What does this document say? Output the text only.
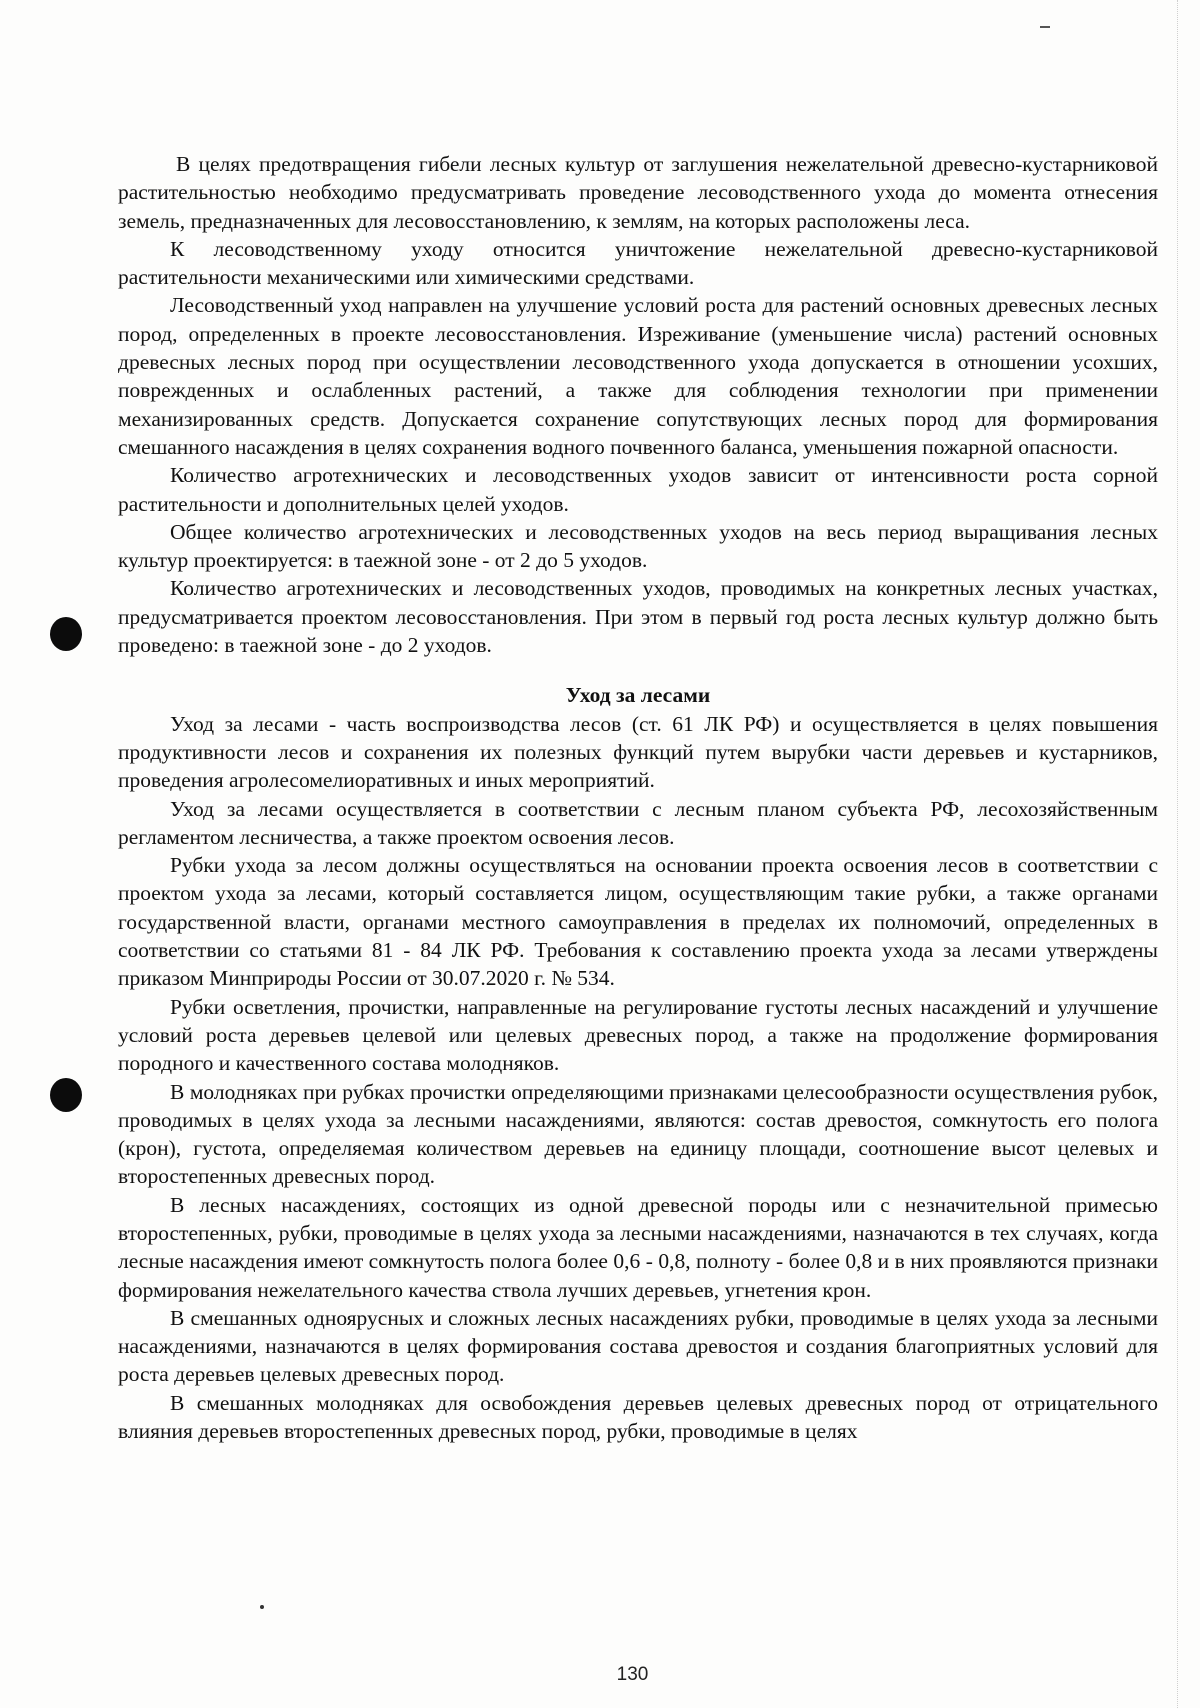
В целях предотвращения гибели лесных культур от заглушения нежелательной древесно-кустарниковой растительностью необходимо предусматривать проведение лесоводственного ухода до момента отнесения земель, предназначенных для лесовосстановлению, к землям, на которых расположены леса.

К лесоводственному уходу относится уничтожение нежелательной древесно-кустарниковой растительности механическими или химическими средствами.

Лесоводственный уход направлен на улучшение условий роста для растений основных древесных лесных пород, определенных в проекте лесовосстановления. Изреживание (уменьшение числа) растений основных древесных лесных пород при осуществлении лесоводственного ухода допускается в отношении усохших, поврежденных и ослабленных растений, а также для соблюдения технологии при применении механизированных средств. Допускается сохранение сопутствующих лесных пород для формирования смешанного насаждения в целях сохранения водного почвенного баланса, уменьшения пожарной опасности.

Количество агротехнических и лесоводственных уходов зависит от интенсивности роста сорной растительности и дополнительных целей уходов.

Общее количество агротехнических и лесоводственных уходов на весь период выращивания лесных культур проектируется: в таежной зоне - от 2 до 5 уходов.

Количество агротехнических и лесоводственных уходов, проводимых на конкретных лесных участках, предусматривается проектом лесовосстановления. При этом в первый год роста лесных культур должно быть проведено: в таежной зоне - до 2 уходов.

Уход за лесами

Уход за лесами - часть воспроизводства лесов (ст. 61 ЛК РФ) и осуществляется в целях повышения продуктивности лесов и сохранения их полезных функций путем вырубки части деревьев и кустарников, проведения агролесомелиоративных и иных мероприятий.

Уход за лесами осуществляется в соответствии с лесным планом субъекта РФ, лесохозяйственным регламентом лесничества, а также проектом освоения лесов.

Рубки ухода за лесом должны осуществляться на основании проекта освоения лесов в соответствии с проектом ухода за лесами, который составляется лицом, осуществляющим такие рубки, а также органами государственной власти, органами местного самоуправления в пределах их полномочий, определенных в соответствии со статьями 81 - 84 ЛК РФ. Требования к составлению проекта ухода за лесами утверждены приказом Минприроды России от 30.07.2020 г. № 534.

Рубки осветления, прочистки, направленные на регулирование густоты лесных насаждений и улучшение условий роста деревьев целевой или целевых древесных пород, а также на продолжение формирования породного и качественного состава молодняков.

В молодняках при рубках прочистки определяющими признаками целесообразности осуществления рубок, проводимых в целях ухода за лесными насаждениями, являются: состав древостоя, сомкнутость его полога (крон), густота, определяемая количеством деревьев на единицу площади, соотношение высот целевых и второстепенных древесных пород.

В лесных насаждениях, состоящих из одной древесной породы или с незначительной примесью второстепенных, рубки, проводимые в целях ухода за лесными насаждениями, назначаются в тех случаях, когда лесные насаждения имеют сомкнутость полога более 0,6 - 0,8, полноту - более 0,8 и в них проявляются признаки формирования нежелательного качества ствола лучших деревьев, угнетения крон.

В смешанных одноярусных и сложных лесных насаждениях рубки, проводимые в целях ухода за лесными насаждениями, назначаются в целях формирования состава древостоя и создания благоприятных условий для роста деревьев целевых древесных пород.

В смешанных молодняках для освобождения деревьев целевых древесных пород от отрицательного влияния деревьев второстепенных древесных пород, рубки, проводимые в целях

130
